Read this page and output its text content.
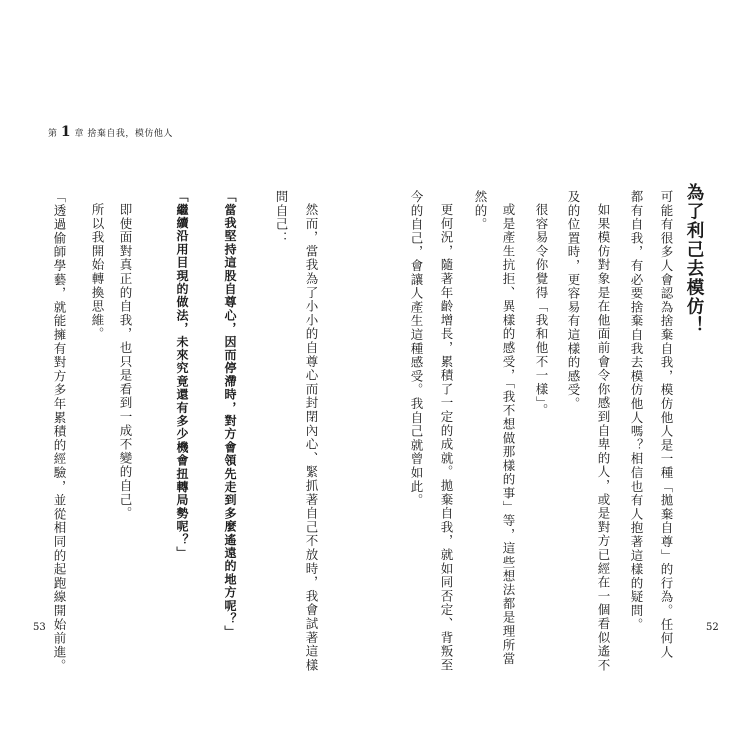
第 1 章 捨棄自我，模仿他人
為了利己去模仿！
可能有很多人會認為捨棄自我，模仿他人是一種「拋棄自尊」的行為。任何人
都有自我，有必要捨棄自我去模仿他人嗎？相信也有人抱著這樣的疑問。
如果模仿對象是在他面前會令你感到自卑的人，或是對方已經在一個看似遙不
及的位置時，更容易有這樣的感受。
很容易令你覺得「我和他不一樣」。
或是產生抗拒、異樣的感受，「我不想做那樣的事」等，這些想法都是理所當
然的。
更何況，隨著年齡增長，累積了一定的成就。拋棄自我，就如同否定、背叛至
今的自己，會讓人產生這種感受。我自己就曾如此。
然而，當我為了小小的自尊心而封閉內心、緊抓著自己不放時，我會試著這樣
問自己：
「當我堅持這股自尊心，因而停滯時，對方會領先走到多麼遙遠的地方呢？」
「繼續沿用目現的做法，未來究竟還有多少機會扭轉局勢呢？」
即使面對真正的自我，也只是看到一成不變的自己。
所以我開始轉換思維。
「透過偷師學藝，就能擁有對方多年累積的經驗，並從相同的起跑線開始前進。
53	52
